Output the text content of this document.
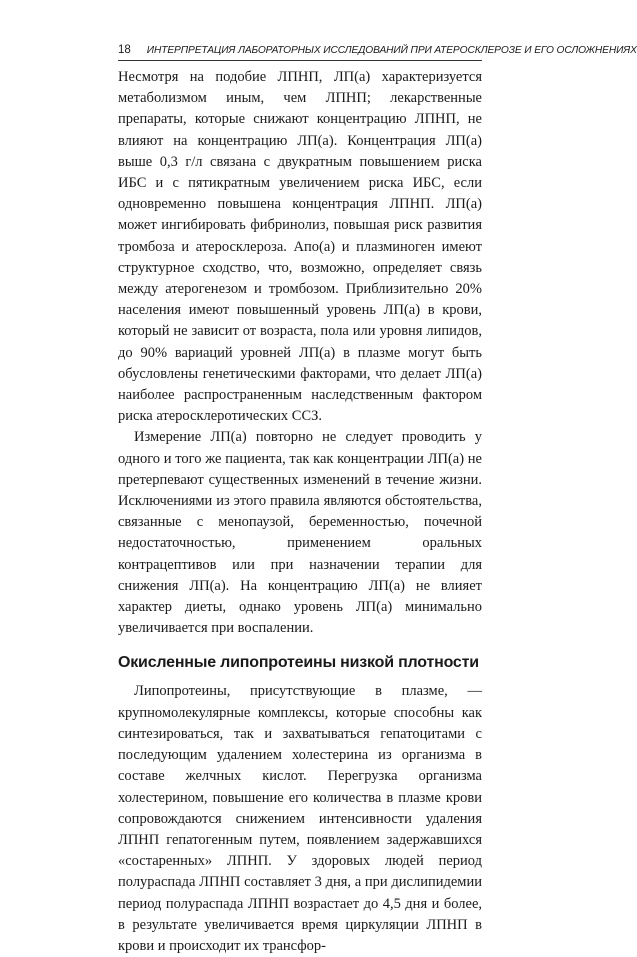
18 ИНТЕРПРЕТАЦИЯ ЛАБОРАТОРНЫХ ИССЛЕДОВАНИЙ ПРИ АТЕРОСКЛЕРОЗЕ И ЕГО ОСЛОЖНЕНИЯХ

Несмотря на подобие ЛПНП, ЛП(а) характеризуется метаболизмом иным, чем ЛПНП; лекарственные препараты, которые снижают концентрацию ЛПНП, не влияют на концентрацию ЛП(а). Концентрация ЛП(а) выше 0,3 г/л связана с двукратным повышением риска ИБС и с пятикратным увеличением риска ИБС, если одновременно повышена концентрация ЛПНП. ЛП(а) может ингибировать фибринолиз, повышая риск развития тромбоза и атеросклероза. Апо(а) и плазминоген имеют структурное сходство, что, возможно, определяет связь между атерогенезом и тромбозом. Приблизительно 20% населения имеют повышенный уровень ЛП(а) в крови, который не зависит от возраста, пола или уровня липидов, до 90% вариаций уровней ЛП(а) в плазме могут быть обусловлены генетическими факторами, что делает ЛП(а) наиболее распространенным наследственным фактором риска атеросклеротических ССЗ.

Измерение ЛП(а) повторно не следует проводить у одного и того же пациента, так как концентрации ЛП(а) не претерпевают существенных изменений в течение жизни. Исключениями из этого правила являются обстоятельства, связанные с менопаузой, беременностью, почечной недостаточностью, применением оральных контрацептивов или при назначении терапии для снижения ЛП(а). На концентрацию ЛП(а) не влияет характер диеты, однако уровень ЛП(а) минимально увеличивается при воспалении.

Окисленные липопротеины низкой плотности

Липопротеины, присутствующие в плазме, — крупномолекулярные комплексы, которые способны как синтезироваться, так и захватываться гепатоцитами с последующим удалением холестерина из организма в составе желчных кислот. Перегрузка организма холестерином, повышение его количества в плазме крови сопровождаются снижением интенсивности удаления ЛПНП гепатогенным путем, появлением задержавшихся «состаренных» ЛПНП. У здоровых людей период полураспада ЛПНП составляет 3 дня, а при дислипидемии период полураспада ЛПНП возрастает до 4,5 дня и более, в результате увеличивается время циркуляции ЛПНП в крови и происходит их трансфор-
